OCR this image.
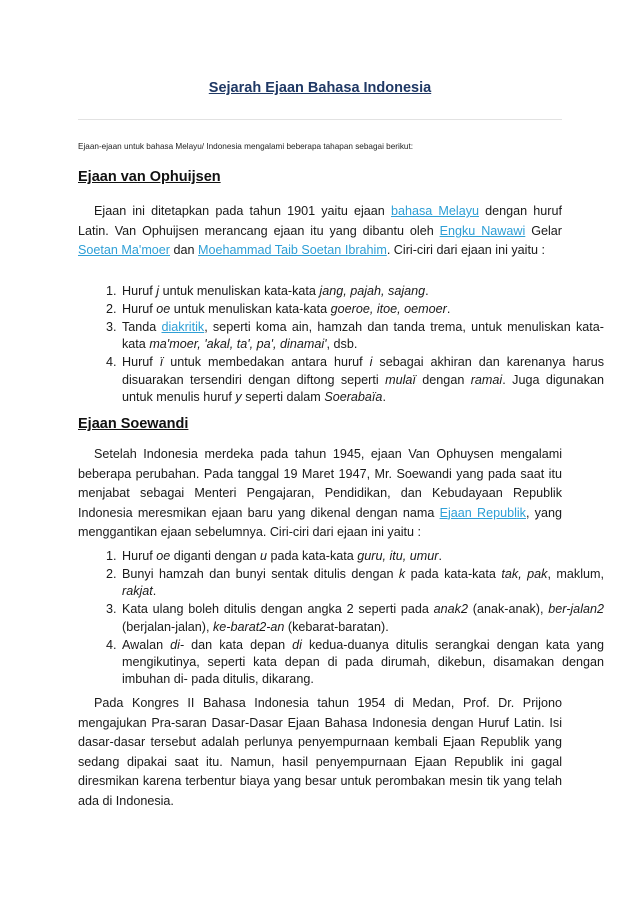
Sejarah Ejaan Bahasa Indonesia

Ejaan-ejaan untuk bahasa Melayu/ Indonesia mengalami beberapa tahapan sebagai berikut:

Ejaan van Ophuijsen

Ejaan ini ditetapkan pada tahun 1901 yaitu ejaan bahasa Melayu dengan huruf Latin. Van Ophuijsen merancang ejaan itu yang dibantu oleh Engku Nawawi Gelar Soetan Ma'moer dan Moehammad Taib Soetan Ibrahim. Ciri-ciri dari ejaan ini yaitu :

1. Huruf j untuk menuliskan kata-kata jang, pajah, sajang.
2. Huruf oe untuk menuliskan kata-kata goeroe, itoe, oemoer.
3. Tanda diakritik, seperti koma ain, hamzah dan tanda trema, untuk menuliskan kata-kata ma'moer, 'akal, ta', pa', dinamai', dsb.
4. Huruf ï untuk membedakan antara huruf i sebagai akhiran dan karenanya harus disuarakan tersendiri dengan diftong seperti mulaï dengan ramai. Juga digunakan untuk menulis huruf y seperti dalam Soerabaïa.
Ejaan Soewandi

Setelah Indonesia merdeka pada tahun 1945, ejaan Van Ophuysen mengalami beberapa perubahan. Pada tanggal 19 Maret 1947, Mr. Soewandi yang pada saat itu menjabat sebagai Menteri Pengajaran, Pendidikan, dan Kebudayaan Republik Indonesia meresmikan ejaan baru yang dikenal dengan nama Ejaan Republik, yang menggantikan ejaan sebelumnya. Ciri-ciri dari ejaan ini yaitu :

1. Huruf oe diganti dengan u pada kata-kata guru, itu, umur.
2. Bunyi hamzah dan bunyi sentak ditulis dengan k pada kata-kata tak, pak, maklum, rakjat.
3. Kata ulang boleh ditulis dengan angka 2 seperti pada anak2 (anak-anak), ber-jalan2 (berjalan-jalan), ke-barat2-an (kebarat-baratan).
4. Awalan di- dan kata depan di kedua-duanya ditulis serangkai dengan kata yang mengikutinya, seperti kata depan di pada dirumah, dikebun, disamakan dengan imbuhan di- pada ditulis, dikarang.

Pada Kongres II Bahasa Indonesia tahun 1954 di Medan, Prof. Dr. Prijono mengajukan Pra-saran Dasar-Dasar Ejaan Bahasa Indonesia dengan Huruf Latin. Isi dasar-dasar tersebut adalah perlunya penyempurnaan kembali Ejaan Republik yang sedang dipakai saat itu. Namun, hasil penyempurnaan Ejaan Republik ini gagal diresmikan karena terbentur biaya yang besar untuk perombakan mesin tik yang telah ada di Indonesia.
